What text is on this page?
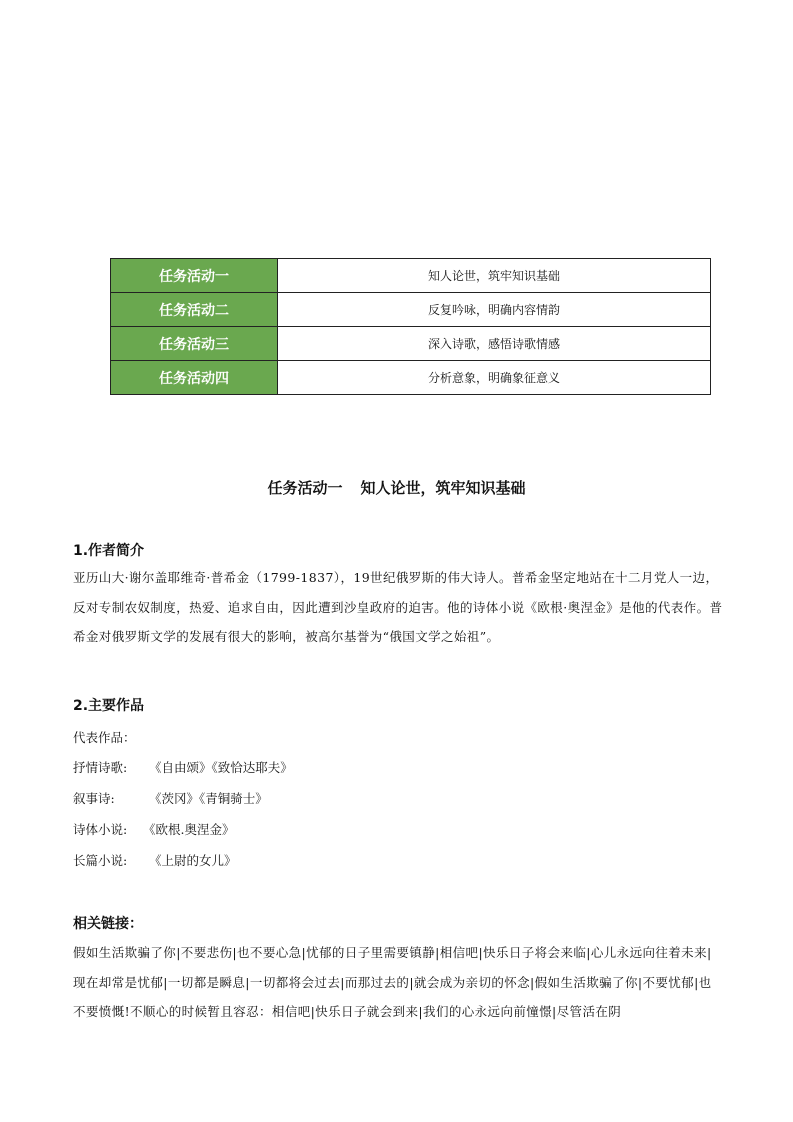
任务活动一	知人论世，筑牢知识基础
任务活动二	反复吟咏，明确内容情韵
任务活动三	深入诗歌，感悟诗歌情感
任务活动四	分析意象，明确象征意义
任务活动一 知人论世，筑牢知识基础
1.作者简介

亚历山大·谢尔盖耶维奇·普希金（1799-1837），19世纪俄罗斯的伟大诗人。普希金坚定地站在十二月党人一边，反对专制农奴制度，热爱、追求自由，因此遭到沙皇政府的迫害。他的诗体小说《欧根·奥涅金》是他的代表作。普希金对俄罗斯文学的发展有很大的影响，被高尔基誉为“俄国文学之始祖”。

2.主要作品
代表作品：
抒情诗歌: 《自由颂》《致恰达耶夫》
叙事诗:	《茨冈》《青铜骑士》
诗体小说: 《欧根.奥涅金》
长篇小说: 《上尉的女儿》
相关链接：

假如生活欺骗了你|不要悲伤|也不要心急|忧郁的日子里需要镇静|相信吧|快乐日子将会来临|心儿永远向往着未来|现在却常是忧郁|一切都是瞬息|一切都将会过去|而那过去的|就会成为亲切的怀念|假如生活欺骗了你|不要忧郁|也不要愤慨!不顺心的时候暂且容忍：相信吧|快乐日子就会到来|我们的心永远向前憧憬|尽管活在阴
